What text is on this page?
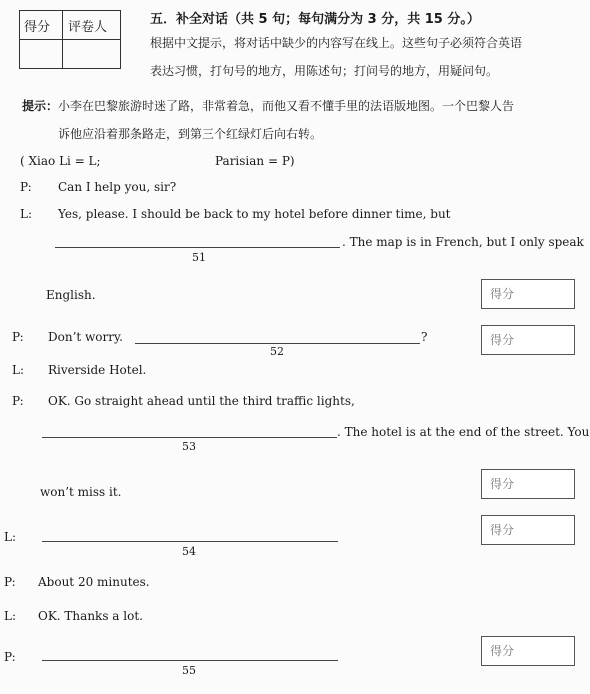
得分 评卷人
五．补全对话（共 5 句；每句满分为 3 分，共 15 分。）
根据中文提示，将对话中缺少的内容写在线上。这些句子必须符合英语
表达习惯，打句号的地方，用陈述句；打问号的地方，用疑问句。
提示：小李在巴黎旅游时迷了路，非常着急，而他又看不懂手里的法语版地图。一个巴黎人告
诉他应沿着那条路走，到第三个红绿灯后向右转。
( Xiao Li = L;	Parisian = P)
P: Can I help you, sir?
L: Yes, please. I should be back to my hotel before dinner time, but
. The map is in French, but I only speak
51
English.	得分
P: Don’t worry.	?
52
得分
L: Riverside Hotel.
P: OK. Go straight ahead until the third traffic lights,
. The hotel is at the end of the street. You
53
won’t miss it.
得分
L:
54
得分
P: About 20 minutes.
L: OK. Thanks a lot.
P:
55
得分
